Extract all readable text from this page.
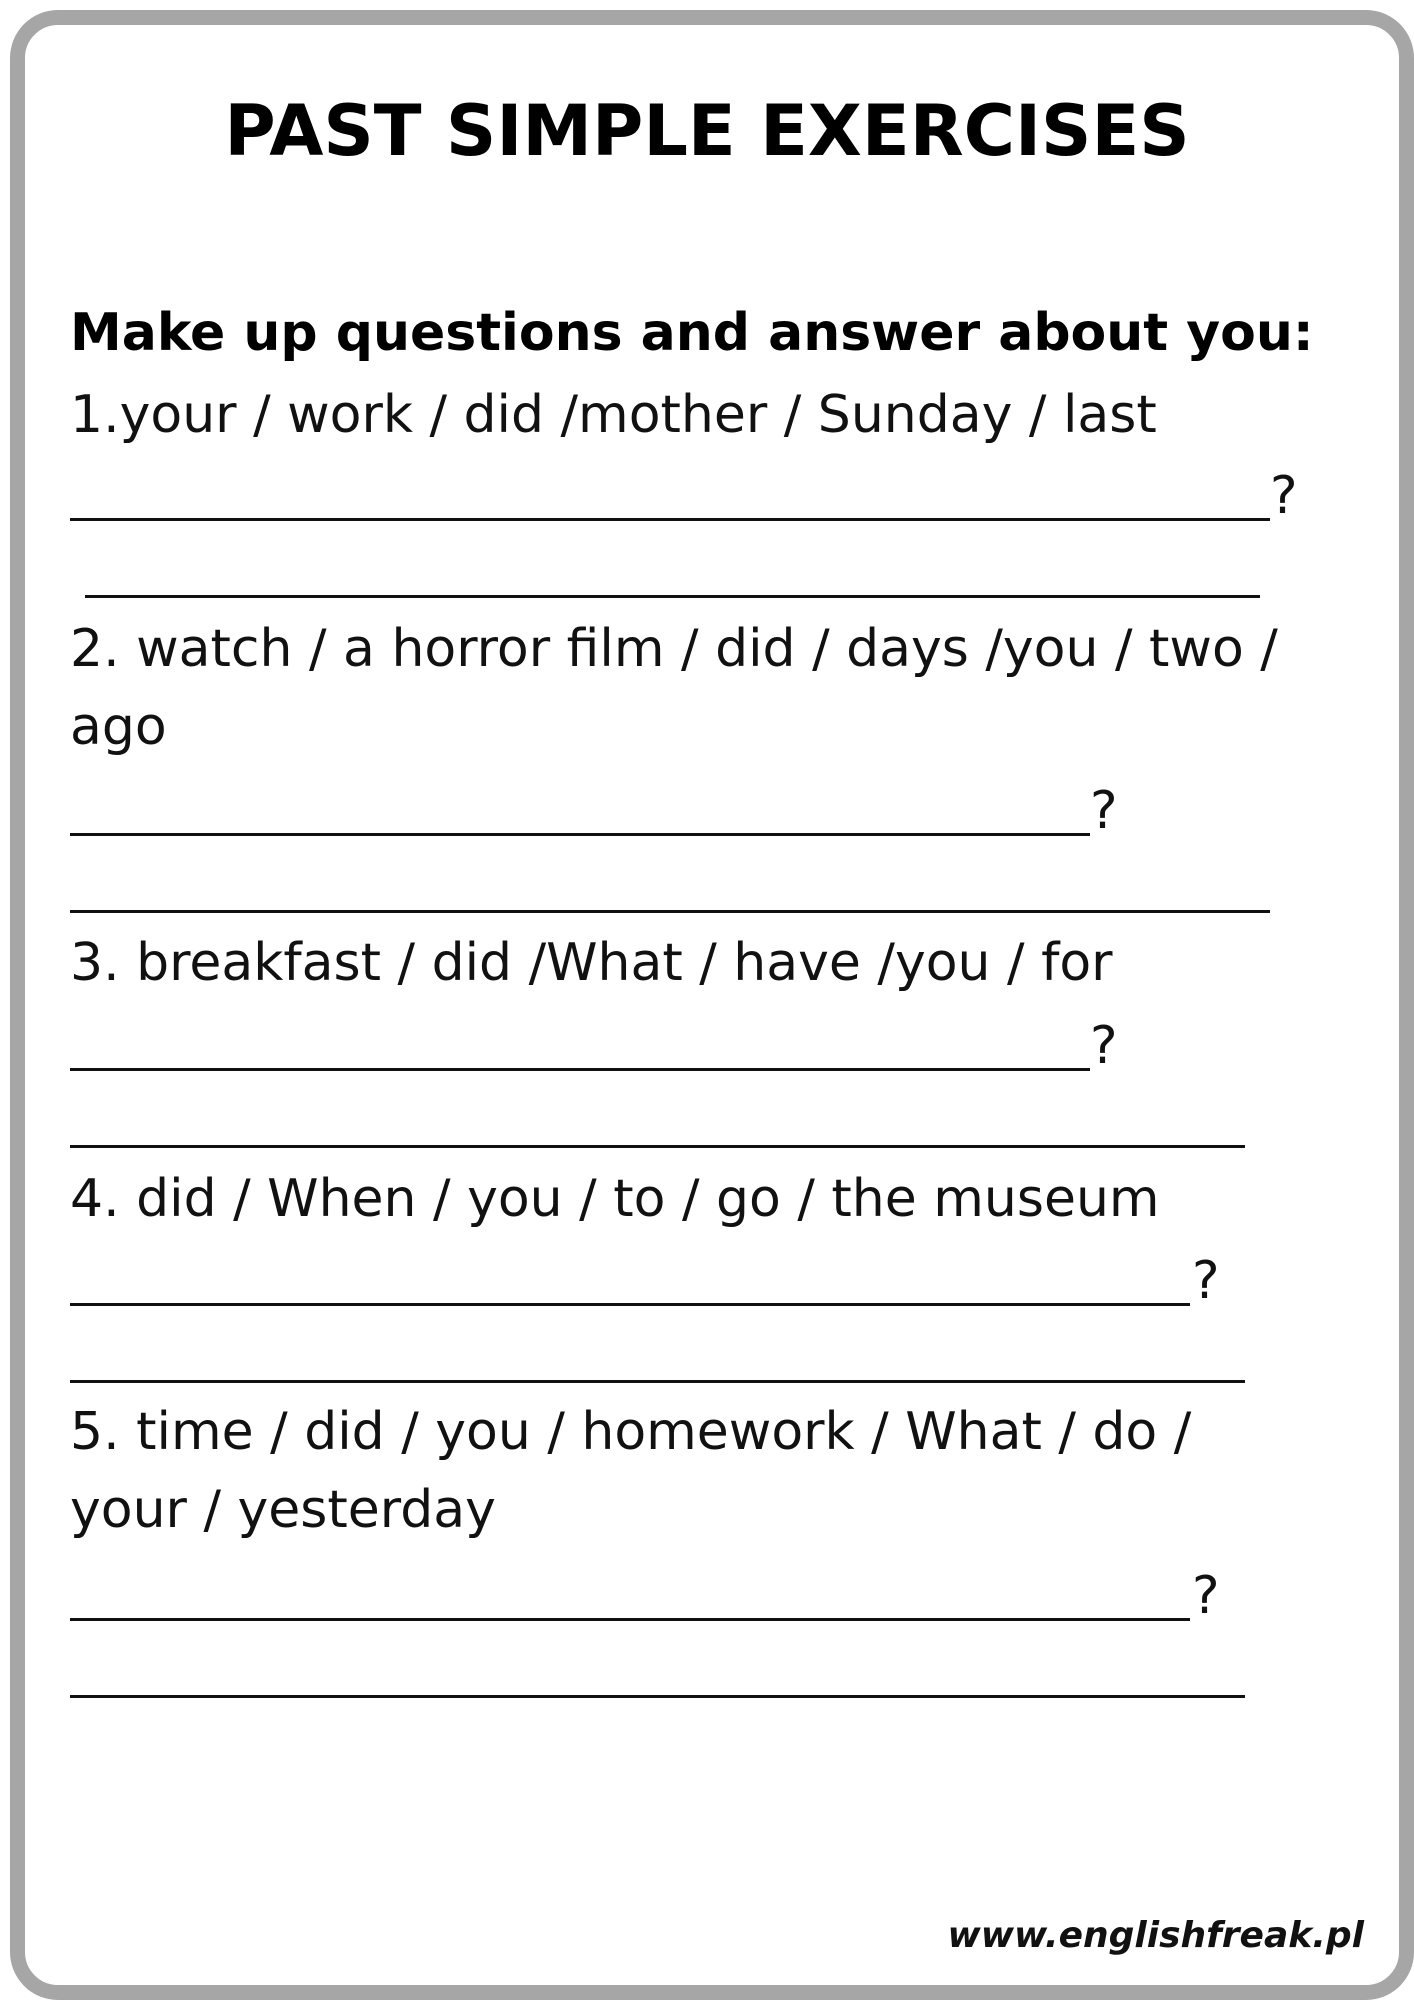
PAST SIMPLE EXERCISES
Make up questions and answer about you:
1.your / work / did /mother / Sunday / last
?
2. watch / a horror film / did / days /you / two /
ago
?
3. breakfast / did /What / have /you / for
?
4. did / When / you / to / go / the museum
?
5. time / did / you / homework / What / do /
your / yesterday
?
www.englishfreak.pl
